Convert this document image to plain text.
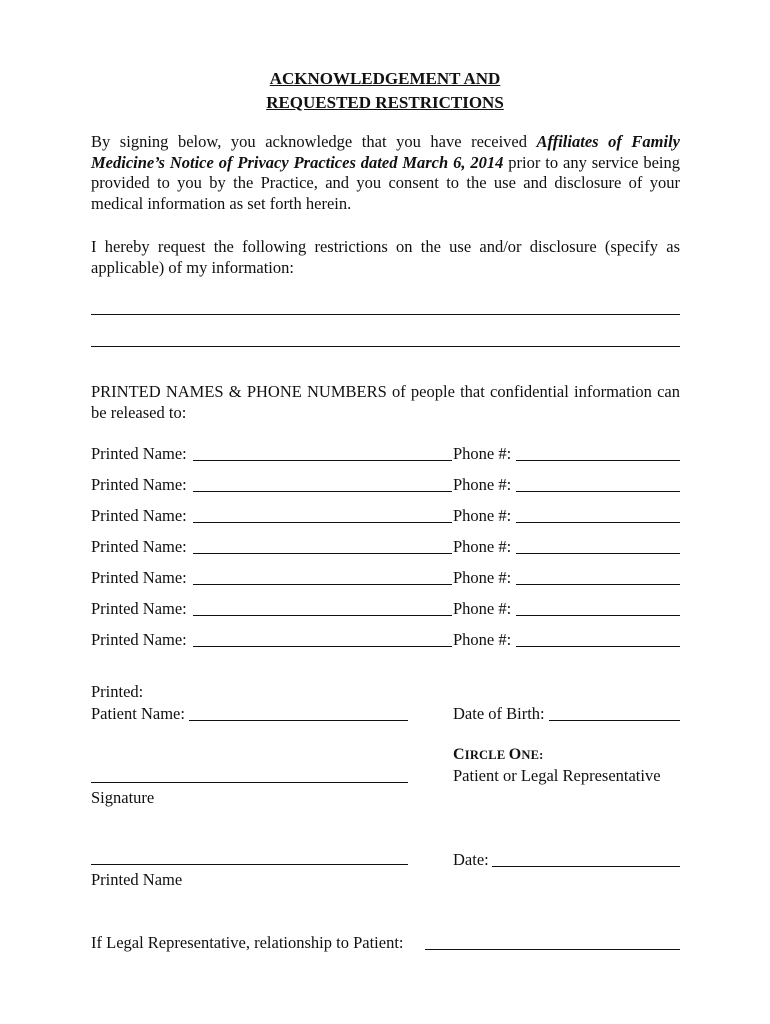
ACKNOWLEDGEMENT AND
REQUESTED RESTRICTIONS

By signing below, you acknowledge that you have received Affiliates of Family Medicine’s Notice of Privacy Practices dated March 6, 2014 prior to any service being provided to you by the Practice, and you consent to the use and disclosure of your medical information as set forth herein.

I hereby request the following restrictions on the use and/or disclosure (specify as applicable) of my information:

PRINTED NAMES & PHONE NUMBERS of people that confidential information can be released to:

Printed Name:	Phone #:
Printed Name:	Phone #:
Printed Name:	Phone #:
Printed Name:	Phone #:
Printed Name:	Phone #:
Printed Name:	Phone #:
Printed Name:	Phone #:
Printed:
Patient Name:	Date of Birth:
CIRCLE ONE:
Patient or Legal Representative
Signature
Printed Name
Date:
If Legal Representative, relationship to Patient:
